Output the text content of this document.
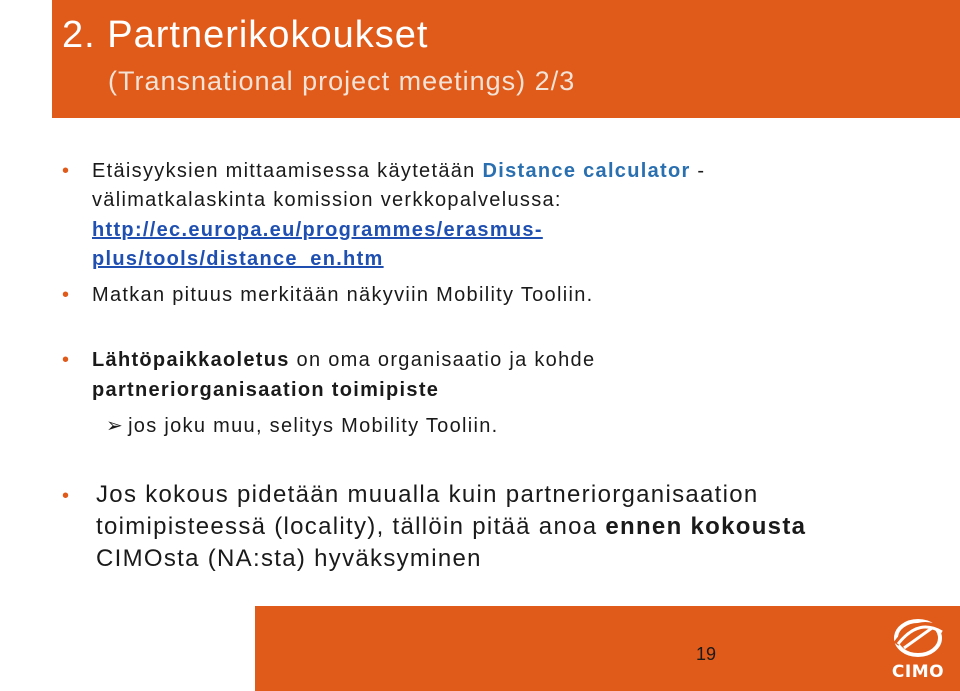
2. Partnerikokoukset
(Transnational project meetings) 2/3
• Etäisyyksien mittaamisessa käytetään Distance calculator -
välimatkalaskinta komission verkkopalvelussa:
http://ec.europa.eu/programmes/erasmus-
plus/tools/distance_en.htm
• Matkan pituus merkitään näkyviin Mobility Tooliin.
• Lähtöpaikkaoletus on oma organisaatio ja kohde
partneriorganisaation toimipiste
➢ jos joku muu, selitys Mobility Tooliin.
• Jos kokous pidetään muualla kuin partneriorganisaation
toimipisteessä (locality), tällöin pitää anoa ennen kokousta
CIMOsta (NA:sta) hyväksyminen
19
CIMO
